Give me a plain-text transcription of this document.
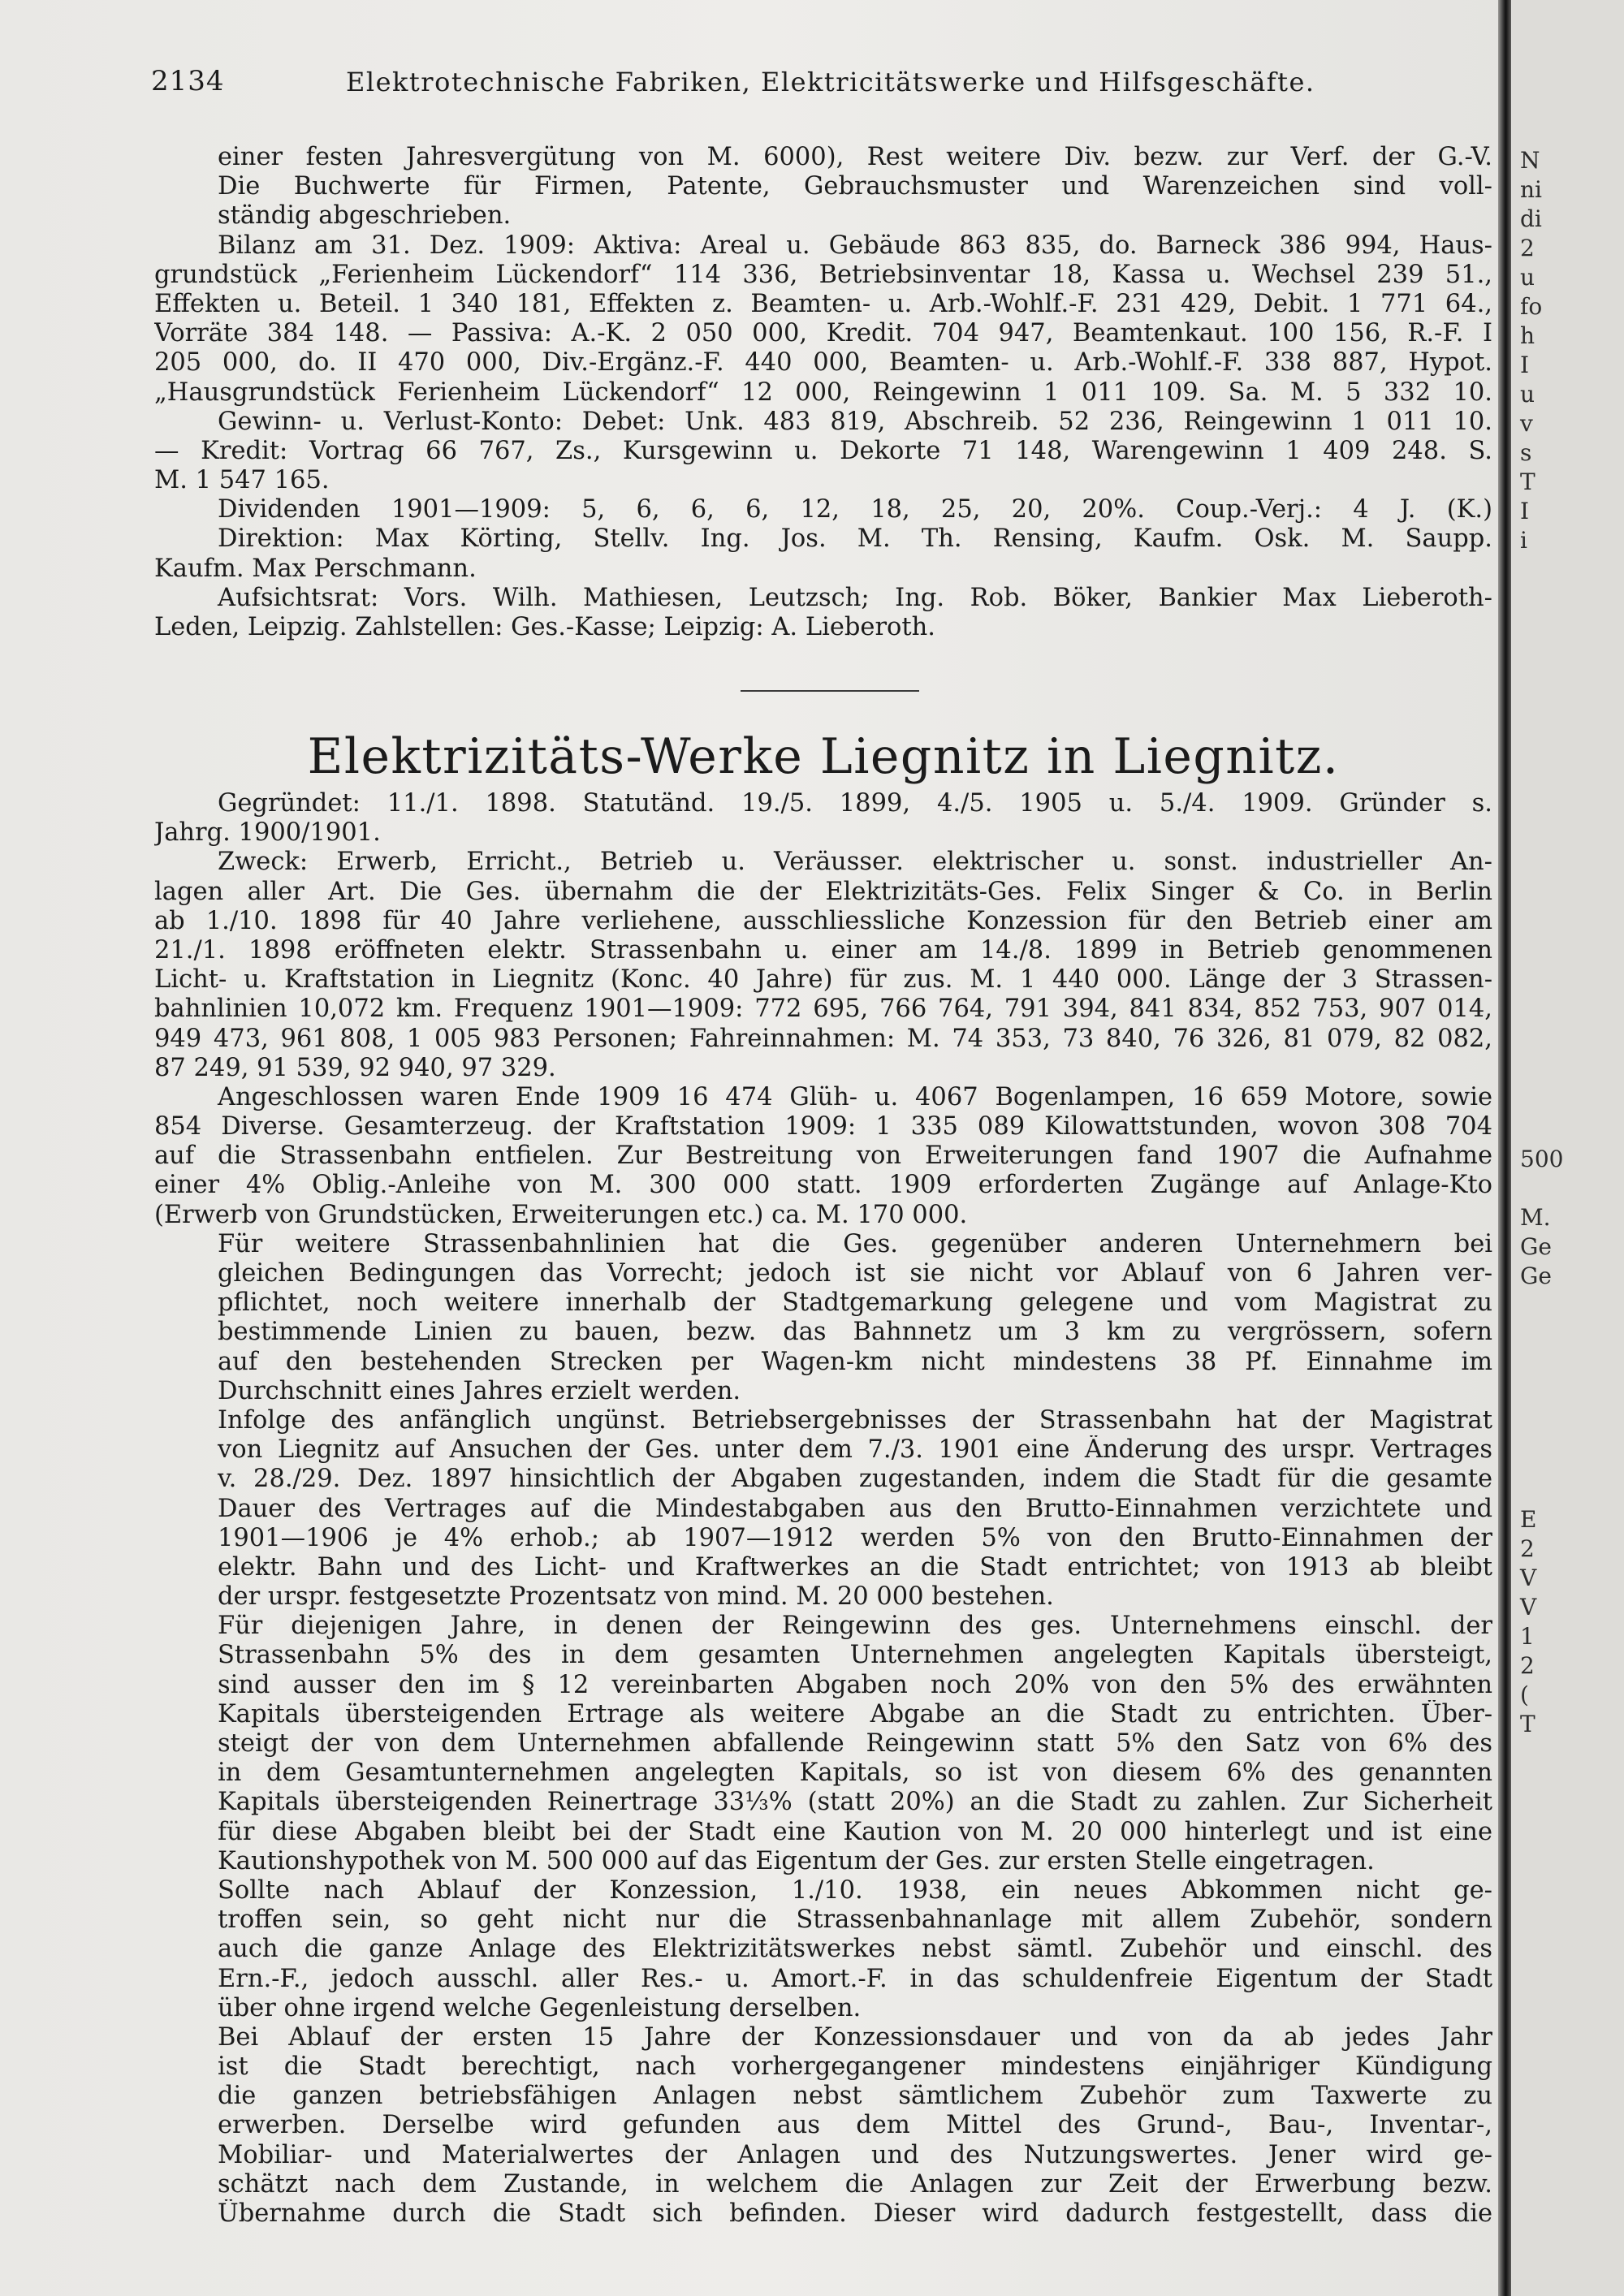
2134	Elektrotechnische Fabriken, Elektricitätswerke und Hilfsgeschäfte.
einer festen Jahresvergütung von M. 6000), Rest weitere Div. bezw. zur Verf. der G.-V.
Die Buchwerte für Firmen, Patente, Gebrauchsmuster und Warenzeichen sind voll-
ständig abgeschrieben.
Bilanz am 31. Dez. 1909: Aktiva: Areal u. Gebäude 863 835, do. Barneck 386 994, Haus-
grundstück „Ferienheim Lückendorf“ 114 336, Betriebsinventar 18, Kassa u. Wechsel 239 51.,
Effekten u. Beteil. 1 340 181, Effekten z. Beamten- u. Arb.-Wohlf.-F. 231 429, Debit. 1 771 64.,
Vorräte 384 148. — Passiva: A.-K. 2 050 000, Kredit. 704 947, Beamtenkaut. 100 156, R.-F. I
205 000, do. II 470 000, Div.-Ergänz.-F. 440 000, Beamten- u. Arb.-Wohlf.-F. 338 887, Hypot.
„Hausgrundstück Ferienheim Lückendorf“ 12 000, Reingewinn 1 011 109. Sa. M. 5 332 10.
Gewinn- u. Verlust-Konto: Debet: Unk. 483 819, Abschreib. 52 236, Reingewinn 1 011 10.
— Kredit: Vortrag 66 767, Zs., Kursgewinn u. Dekorte 71 148, Warengewinn 1 409 248. S.
M. 1 547 165.
Dividenden 1901—1909: 5, 6, 6, 6, 12, 18, 25, 20, 20%. Coup.-Verj.: 4 J. (K.)
Direktion: Max Körting, Stellv. Ing. Jos. M. Th. Rensing, Kaufm. Osk. M. Saupp.
Kaufm. Max Perschmann.
Aufsichtsrat: Vors. Wilh. Mathiesen, Leutzsch; Ing. Rob. Böker, Bankier Max Lieberoth-
Leden, Leipzig. Zahlstellen: Ges.-Kasse; Leipzig: A. Lieberoth.
Elektrizitäts-Werke Liegnitz in Liegnitz.
Gegründet: 11./1. 1898. Statutänd. 19./5. 1899, 4./5. 1905 u. 5./4. 1909. Gründer s.
Jahrg. 1900/1901.
Zweck: Erwerb, Erricht., Betrieb u. Veräusser. elektrischer u. sonst. industrieller An-
lagen aller Art. Die Ges. übernahm die der Elektrizitäts-Ges. Felix Singer & Co. in Berlin
ab 1./10. 1898 für 40 Jahre verliehene, ausschliessliche Konzession für den Betrieb einer am
21./1. 1898 eröffneten elektr. Strassenbahn u. einer am 14./8. 1899 in Betrieb genommenen
Licht- u. Kraftstation in Liegnitz (Konc. 40 Jahre) für zus. M. 1 440 000. Länge der 3 Strassen-
bahnlinien 10,072 km. Frequenz 1901—1909: 772 695, 766 764, 791 394, 841 834, 852 753, 907 014,
949 473, 961 808, 1 005 983 Personen; Fahreinnahmen: M. 74 353, 73 840, 76 326, 81 079, 82 082,
87 249, 91 539, 92 940, 97 329.
Angeschlossen waren Ende 1909 16 474 Glüh- u. 4067 Bogenlampen, 16 659 Motore, sowie
854 Diverse. Gesamterzeug. der Kraftstation 1909: 1 335 089 Kilowattstunden, wovon 308 704
auf die Strassenbahn entfielen. Zur Bestreitung von Erweiterungen fand 1907 die Aufnahme
einer 4% Oblig.-Anleihe von M. 300 000 statt. 1909 erforderten Zugänge auf Anlage-Kto
(Erwerb von Grundstücken, Erweiterungen etc.) ca. M. 170 000.
Für weitere Strassenbahnlinien hat die Ges. gegenüber anderen Unternehmern bei
gleichen Bedingungen das Vorrecht; jedoch ist sie nicht vor Ablauf von 6 Jahren ver-
pflichtet, noch weitere innerhalb der Stadtgemarkung gelegene und vom Magistrat zu
bestimmende Linien zu bauen, bezw. das Bahnnetz um 3 km zu vergrössern, sofern
auf den bestehenden Strecken per Wagen-km nicht mindestens 38 Pf. Einnahme im
Durchschnitt eines Jahres erzielt werden.
Infolge des anfänglich ungünst. Betriebsergebnisses der Strassenbahn hat der Magistrat
von Liegnitz auf Ansuchen der Ges. unter dem 7./3. 1901 eine Änderung des urspr. Vertrages
v. 28./29. Dez. 1897 hinsichtlich der Abgaben zugestanden, indem die Stadt für die gesamte
Dauer des Vertrages auf die Mindestabgaben aus den Brutto-Einnahmen verzichtete und
1901—1906 je 4% erhob.; ab 1907—1912 werden 5% von den Brutto-Einnahmen der
elektr. Bahn und des Licht- und Kraftwerkes an die Stadt entrichtet; von 1913 ab bleibt
der urspr. festgesetzte Prozentsatz von mind. M. 20 000 bestehen.
Für diejenigen Jahre, in denen der Reingewinn des ges. Unternehmens einschl. der
Strassenbahn 5% des in dem gesamten Unternehmen angelegten Kapitals übersteigt,
sind ausser den im § 12 vereinbarten Abgaben noch 20% von den 5% des erwähnten
Kapitals übersteigenden Ertrage als weitere Abgabe an die Stadt zu entrichten. Über-
steigt der von dem Unternehmen abfallende Reingewinn statt 5% den Satz von 6% des
in dem Gesamtunternehmen angelegten Kapitals, so ist von diesem 6% des genannten
Kapitals übersteigenden Reinertrage 33⅓% (statt 20%) an die Stadt zu zahlen. Zur Sicherheit
für diese Abgaben bleibt bei der Stadt eine Kaution von M. 20 000 hinterlegt und ist eine
Kautionshypothek von M. 500 000 auf das Eigentum der Ges. zur ersten Stelle eingetragen.
Sollte nach Ablauf der Konzession, 1./10. 1938, ein neues Abkommen nicht ge-
troffen sein, so geht nicht nur die Strassenbahnanlage mit allem Zubehör, sondern
auch die ganze Anlage des Elektrizitätswerkes nebst sämtl. Zubehör und einschl. des
Ern.-F., jedoch ausschl. aller Res.- u. Amort.-F. in das schuldenfreie Eigentum der Stadt
über ohne irgend welche Gegenleistung derselben.
Bei Ablauf der ersten 15 Jahre der Konzessionsdauer und von da ab jedes Jahr
ist die Stadt berechtigt, nach vorhergegangener mindestens einjähriger Kündigung
die ganzen betriebsfähigen Anlagen nebst sämtlichem Zubehör zum Taxwerte zu
erwerben. Derselbe wird gefunden aus dem Mittel des Grund-, Bau-, Inventar-,
Mobiliar- und Materialwertes der Anlagen und des Nutzungswertes. Jener wird ge-
schätzt nach dem Zustande, in welchem die Anlagen zur Zeit der Erwerbung bezw.
Übernahme durch die Stadt sich befinden. Dieser wird dadurch festgestellt, dass die
N
ni
di
2
u
fo
h
I
u
v
s
T
I
i
500
M.
Ge
Ge
E
2
V
V
1
2
(
T
